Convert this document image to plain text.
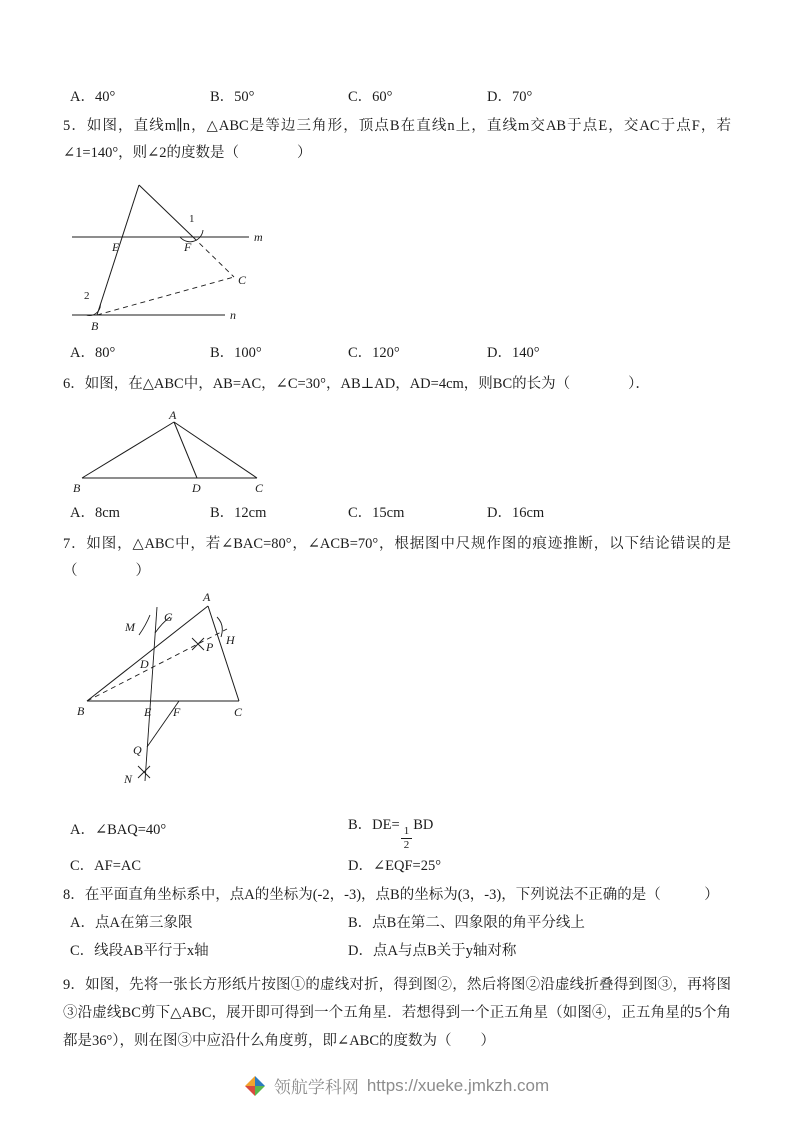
A．40°	B．50°	C．60°	D．70°

5．如图，直线m∥n，△ABC是等边三角形，顶点B在直线n上，直线m交AB于点E，交AC于点F，若∠1=140°，则∠2的度数是（　　　　）

1
m
E	F
C
2
B
n
A．80°	B．100°	C．120°	D．140°

6．如图，在△ABC中，AB=AC，∠C=30°，AB⊥AD，AD=4cm，则BC的长为（　　　　）．

A
B	D	C
A．8cm	B．12cm	C．15cm	D．16cm

7．如图，△ABC中，若∠BAC=80°，∠ACB=70°，根据图中尺规作图的痕迹推断，以下结论错误的是（　　　　）

M
G
A
H
D
P
B	E F	C
Q
N
A．∠BAQ=40°	B．DE=
$\frac{1}{2}$
BD
C．AF=AC	D．∠EQF=25°

8．在平面直角坐标系中，点A的坐标为(-2，-3)，点B的坐标为(3，-3)，下列说法不正确的是（　　　）

A．点A在第三象限	B．点B在第二、四象限的角平分线上
C．线段AB平行于x轴	D．点A与点B关于y轴对称

9．如图，先将一张长方形纸片按图①的虚线对折，得到图②，然后将图②沿虚线折叠得到图③，再将图③沿虚线BC剪下△ABC，展开即可得到一个五角星．若想得到一个正五角星（如图④，正五角星的5个角都是36°），则在图③中应沿什么角度剪，即∠ABC的度数为（　　）

领航学科网 https://xueke.jmkzh.com
